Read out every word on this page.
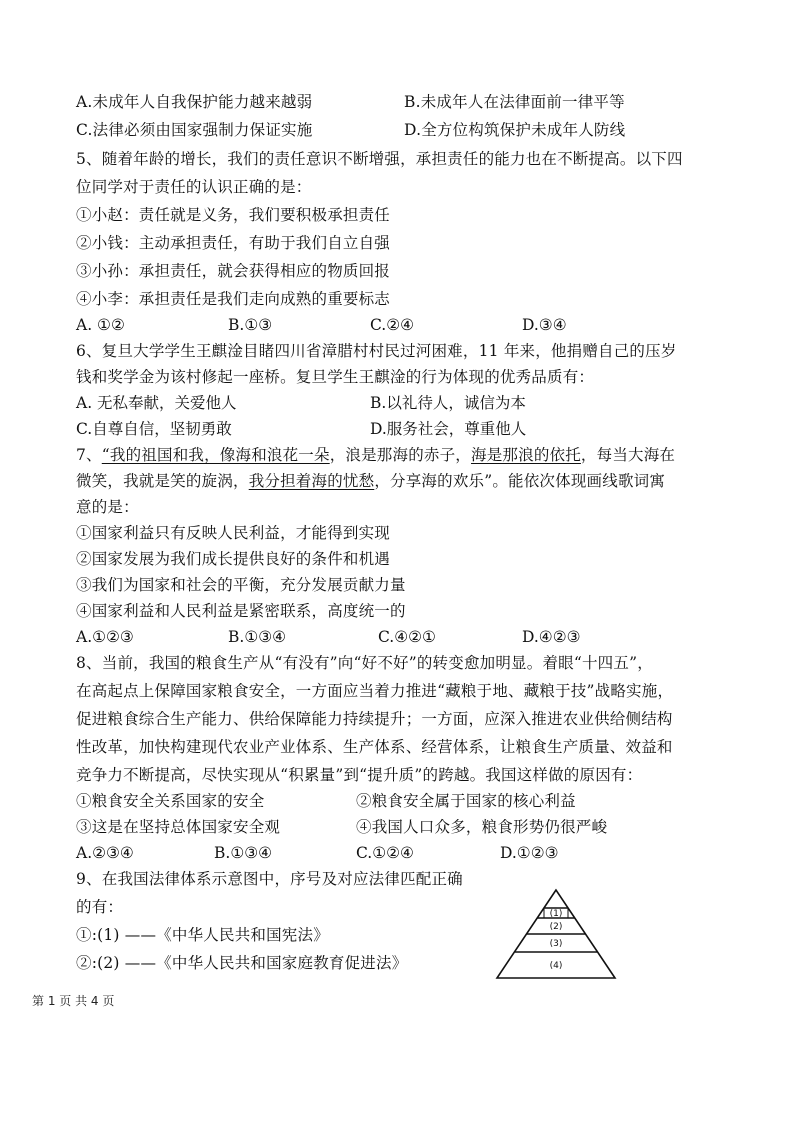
A.未成年人自我保护能力越来越弱	B.未成年人在法律面前一律平等
C.法律必须由国家强制力保证实施	D.全方位构筑保护未成年人防线
5、随着年龄的增长，我们的责任意识不断增强，承担责任的能力也在不断提高。以下四
位同学对于责任的认识正确的是：
①小赵：责任就是义务，我们要积极承担责任
②小钱：主动承担责任，有助于我们自立自强
③小孙：承担责任，就会获得相应的物质回报
④小李：承担责任是我们走向成熟的重要标志
A. ①②	B.①③	C.②④	D.③④
6、复旦大学学生王麒淦目睹四川省漳腊村村民过河困难，11 年来，他捐赠自己的压岁
钱和奖学金为该村修起一座桥。复旦学生王麒淦的行为体现的优秀品质有：
A. 无私奉献，关爱他人	B.以礼待人，诚信为本
C.自尊自信，坚韧勇敢	D.服务社会，尊重他人
7、“我的祖国和我，像海和浪花一朵，浪是那海的赤子，海是那浪的依托，每当大海在
微笑，我就是笑的旋涡，我分担着海的忧愁，分享海的欢乐”。能依次体现画线歌词寓
意的是：
①国家利益只有反映人民利益，才能得到实现
②国家发展为我们成长提供良好的条件和机遇
③我们为国家和社会的平衡，充分发展贡献力量
④国家利益和人民利益是紧密联系，高度统一的
A.①②③	B.①③④	C.④②①	D.④②③
8、当前，我国的粮食生产从“有没有”向“好不好”的转变愈加明显。着眼“十四五”，
在高起点上保障国家粮食安全，一方面应当着力推进“藏粮于地、藏粮于技”战略实施，
促进粮食综合生产能力、供给保障能力持续提升；一方面，应深入推进农业供给侧结构
性改革，加快构建现代农业产业体系、生产体系、经营体系，让粮食生产质量、效益和
竞争力不断提高，尽快实现从“积累量”到“提升质”的跨越。我国这样做的原因有：
①粮食安全关系国家的安全	②粮食安全属于国家的核心利益
③这是在坚持总体国家安全观	④我国人口众多，粮食形势仍很严峻
A.②③④	B.①③④	C.①②④	D.①②③
9、在我国法律体系示意图中，序号及对应法律匹配正确
的有：
①:(1) ——《中华人民共和国宪法》
②:(2) ——《中华人民共和国家庭教育促进法》
(1)
(2)
(3)
(4)
第 1 页 共 4 页
